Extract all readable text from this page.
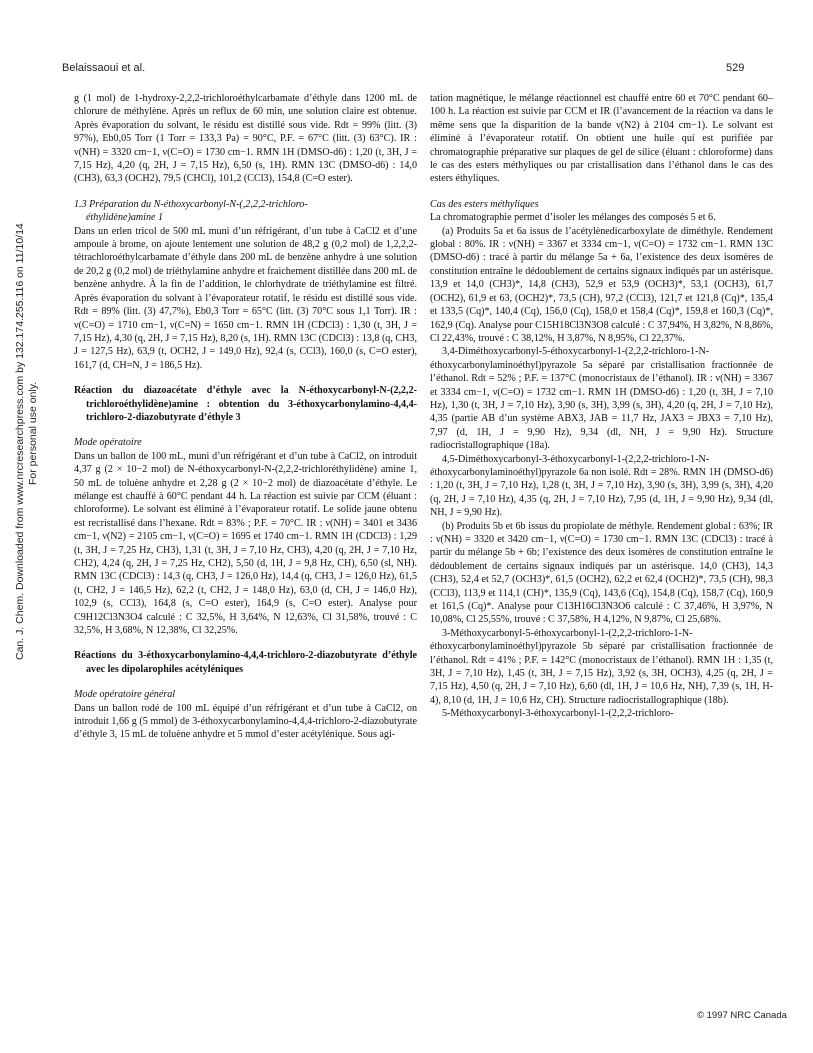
Belaissaoui et al.	529
Can. J. Chem. Downloaded from www.nrcresearchpress.com by 132.174.255.116 on 11/10/14 For personal use only.

g (1 mol) de 1-hydroxy-2,2,2-trichloroéthylcarbamate d’éthyle dans 1200 mL de chlorure de méthylène. Après un reflux de 60 min, une solution claire est obtenue. Après évaporation du solvant, le résidu est distillé sous vide. Rdt = 99% (litt. (3) 97%), Eb0,05 Torr (1 Torr = 133,3 Pa) = 90°C, P.F. = 67°C (litt. (3) 63°C). IR : ν(NH) = 3320 cm−1, ν(C=O) = 1730 cm−1. RMN 1H (DMSO-d6) : 1,20 (t, 3H, J = 7,15 Hz), 4,20 (q, 2H, J = 7,15 Hz), 6,50 (s, 1H). RMN 13C (DMSO-d6) : 14,0 (CH3), 63,3 (OCH2), 79,5 (CHCl), 101,2 (CCl3), 154,8 (C=O ester).

1.3 Préparation du N-éthoxycarbonyl-N-(,2,2,2-trichloro-

éthylidène)amine 1

Dans un erlen tricol de 500 mL muni d’un réfrigérant, d’un tube à CaCl2 et d’une ampoule à brome, on ajoute lentement une solution de 48,2 g (0,2 mol) de 1,2,2,2-tétrachloroéthylcarbamate d’éthyle dans 200 mL de benzène anhydre à une solution de 20,2 g (0,2 mol) de triéthylamine anhydre et fraichement distillée dans 200 mL de benzène anhydre. À la fin de l’addition, le chlorhydrate de triéthylamine est filtré. Après évaporation du solvant à l’évaporateur rotatif, le résidu est distillé sous vide. Rdt = 89% (litt. (3) 47,7%), Eb0,3 Torr = 65°C (litt. (3) 70°C sous 1,1 Torr). IR : ν(C=O) = 1710 cm−1, ν(C=N) = 1650 cm−1. RMN 1H (CDCl3) : 1,30 (t, 3H, J = 7,15 Hz), 4,30 (q, 2H, J = 7,15 Hz), 8,20 (s, 1H). RMN 13C (CDCl3) : 13,8 (q, CH3, J = 127,5 Hz), 63,9 (t, OCH2, J = 149,0 Hz), 92,4 (s, CCl3), 160,0 (s, C=O ester), 161,7 (d, CH=N, J = 186,5 Hz).

Réaction du diazoacétate d’éthyle avec la N-éthoxycarbonyl-N-(2,2,2-trichloroéthylidène)amine : obtention du 3-éthoxycarbonylamino-4,4,4-trichloro-2-diazobutyrate d’éthyle 3

Mode opératoire

Dans un ballon de 100 mL, muni d’un réfrigérant et d’un tube à CaCl2, on introduit 4,37 g (2 × 10−2 mol) de N-éthoxycarbonyl-N-(2,2,2-trichloréthylidène) amine 1, 50 mL de toluène anhydre et 2,28 g (2 × 10−2 mol) de diazoacétate d’éthyle. Le mélange est chauffé à 60°C pendant 44 h. La réaction est suivie par CCM (éluant : chloroforme). Le solvant est éliminé à l’évaporateur rotatif. Le solide jaune obtenu est recristallisé dans l’hexane. Rdt = 83% ; P.F. = 70°C. IR : ν(NH) = 3401 et 3436 cm−1, ν(N2) = 2105 cm−1, ν(C=O) = 1695 et 1740 cm−1. RMN 1H (CDCl3) : 1,29 (t, 3H, J = 7,25 Hz, CH3), 1,31 (t, 3H, J = 7,10 Hz, CH3), 4,20 (q, 2H, J = 7,10 Hz, CH2), 4,24 (q, 2H, J = 7,25 Hz, CH2), 5,50 (d, 1H, J = 9,8 Hz, CH), 6,50 (sl, NH). RMN 13C (CDCl3) : 14,3 (q, CH3, J = 126,0 Hz), 14,4 (q, CH3, J = 126,0 Hz), 61,5 (t, CH2, J = 146,5 Hz), 62,2 (t, CH2, J = 148,0 Hz), 63,0 (d, CH, J = 146,0 Hz), 102,9 (s, CCl3), 164,8 (s, C=O ester), 164,9 (s, C=O ester). Analyse pour C9H12Cl3N3O4 calculé : C 32,5%, H 3,64%, N 12,63%, Cl 31,58%, trouvé : C 32,5%, H 3,68%, N 12,38%, Cl 32,25%.

Réactions du 3-éthoxycarbonylamino-4,4,4-trichloro-2-diazobutyrate d’éthyle avec les dipolarophiles acétyléniques

Mode opératoire général

Dans un ballon rodé de 100 mL équipé d’un réfrigérant et d’un tube à CaCl2, on introduit 1,66 g (5 mmol) de 3-éthoxycarbonylamino-4,4,4-trichloro-2-diazobutyrate d’éthyle 3, 15 mL de toluène anhydre et 5 mmol d’ester acétylénique. Sous agi-

tation magnétique, le mélange réactionnel est chauffé entre 60 et 70°C pendant 60–100 h. La réaction est suivie par CCM et IR (l’avancement de la réaction va dans le même sens que la disparition de la bande ν(N2) à 2104 cm−1). Le solvant est éliminé à l’évaporateur rotatif. On obtient une huile qui est purifiée par chromatographie préparative sur plaques de gel de silice (éluant : chloroforme) dans le cas des esters méthyliques ou par cristallisation dans l’éthanol dans le cas des esters éthyliques.

Cas des esters méthyliques

La chromatographie permet d’isoler les mélanges des composés 5 et 6.

(a) Produits 5a et 6a issus de l’acétylènedicarboxylate de diméthyle. Rendement global : 80%. IR : ν(NH) = 3367 et 3334 cm−1, ν(C=O) = 1732 cm−1. RMN 13C (DMSO-d6) : tracé à partir du mélange 5a + 6a, l’existence des deux isomères de constitution entraîne le dédoublement de certains signaux indiqués par un astérisque. 13,9 et 14,0 (CH3)*, 14,8 (CH3), 52,9 et 53,9 (OCH3)*, 53,1 (OCH3), 61,7 (OCH2), 61,9 et 63, (OCH2)*, 73,5 (CH), 97,2 (CCl3), 121,7 et 121,8 (Cq)*, 135,4 et 133,5 (Cq)*, 140,4 (Cq), 156,0 (Cq), 158,0 et 158,4 (Cq)*, 159,8 et 160,3 (Cq)*, 162,9 (Cq). Analyse pour C15H18Cl3N3O8 calculé : C 37,94%, H 3,82%, N 8,86%, Cl 22,43%, trouvé : C 38,12%, H 3,87%, N 8,95%, Cl 22,37%.

3,4-Diméthoxycarbonyl-5-éthoxycarbonyl-1-(2,2,2-trichloro-1-N-éthoxycarbonylaminoéthyl)pyrazole 5a séparé par cristallisation fractionnée de l’éthanol. Rdt = 52% ; P.F. = 137°C (monocristaux de l’éthanol). IR : ν(NH) = 3367 et 3334 cm−1, ν(C=O) = 1732 cm−1. RMN 1H (DMSO-d6) : 1,20 (t, 3H, J = 7,10 Hz), 1,30 (t, 3H, J = 7,10 Hz), 3,90 (s, 3H), 3,99 (s, 3H), 4,20 (q, 2H, J = 7,10 Hz), 4,35 (partie AB d’un système ABX3, JAB = 11,7 Hz, JAX3 = JBX3 = 7,10 Hz), 7,97 (d, 1H, J = 9,90 Hz), 9,34 (dl, NH, J = 9,90 Hz). Structure radiocristallographique (18a).

4,5-Diméthoxycarbonyl-3-éthoxycarbonyl-1-(2,2,2-trichloro-1-N-éthoxycarbonylaminoéthyl)pyrazole 6a non isolé. Rdt = 28%. RMN 1H (DMSO-d6) : 1,20 (t, 3H, J = 7,10 Hz), 1,28 (t, 3H, J = 7,10 Hz), 3,90 (s, 3H), 3,99 (s, 3H), 4,20 (q, 2H, J = 7,10 Hz), 4,35 (q, 2H, J = 7,10 Hz), 7,95 (d, 1H, J = 9,90 Hz), 9,34 (dl, NH, J = 9,90 Hz).

(b) Produits 5b et 6b issus du propiolate de méthyle. Rendement global : 63%; IR : ν(NH) = 3320 et 3420 cm−1, ν(C=O) = 1730 cm−1. RMN 13C (CDCl3) : tracé à partir du mélange 5b + 6b; l’existence des deux isomères de constitution entraîne le dédoublement de certains signaux indiqués par un astérisque. 14,0 (CH3), 14,3 (CH3), 52,4 et 52,7 (OCH3)*, 61,5 (OCH2), 62,2 et 62,4 (OCH2)*, 73,5 (CH), 98,3 (CCl3), 113,9 et 114,1 (CH)*, 135,9 (Cq), 143,6 (Cq), 154,8 (Cq), 158,7 (Cq), 160,9 et 161,5 (Cq)*. Analyse pour C13H16Cl3N3O6 calculé : C 37,46%, H 3,97%, N 10,08%, Cl 25,55%, trouvé : C 37,58%, H 4,12%, N 9,87%, Cl 25,68%.

3-Méthoxycarbonyl-5-éthoxycarbonyl-1-(2,2,2-trichloro-1-N-éthoxycarbonylaminoéthyl)pyrazole 5b séparé par cristallisation fractionnée de l’éthanol. Rdt = 41% ; P.F. = 142°C (monocristaux de l’éthanol). RMN 1H : 1,35 (t, 3H, J = 7,10 Hz), 1,45 (t, 3H, J = 7,15 Hz), 3,92 (s, 3H, OCH3), 4,25 (q, 2H, J = 7,15 Hz), 4,50 (q, 2H, J = 7,10 Hz), 6,60 (dl, 1H, J = 10,6 Hz, NH), 7,39 (s, 1H, H-4), 8,10 (d, 1H, J = 10,6 Hz, CH). Structure radiocristallographique (18b).

5-Méthoxycarbonyl-3-éthoxycarbonyl-1-(2,2,2-trichloro-

© 1997 NRC Canada
